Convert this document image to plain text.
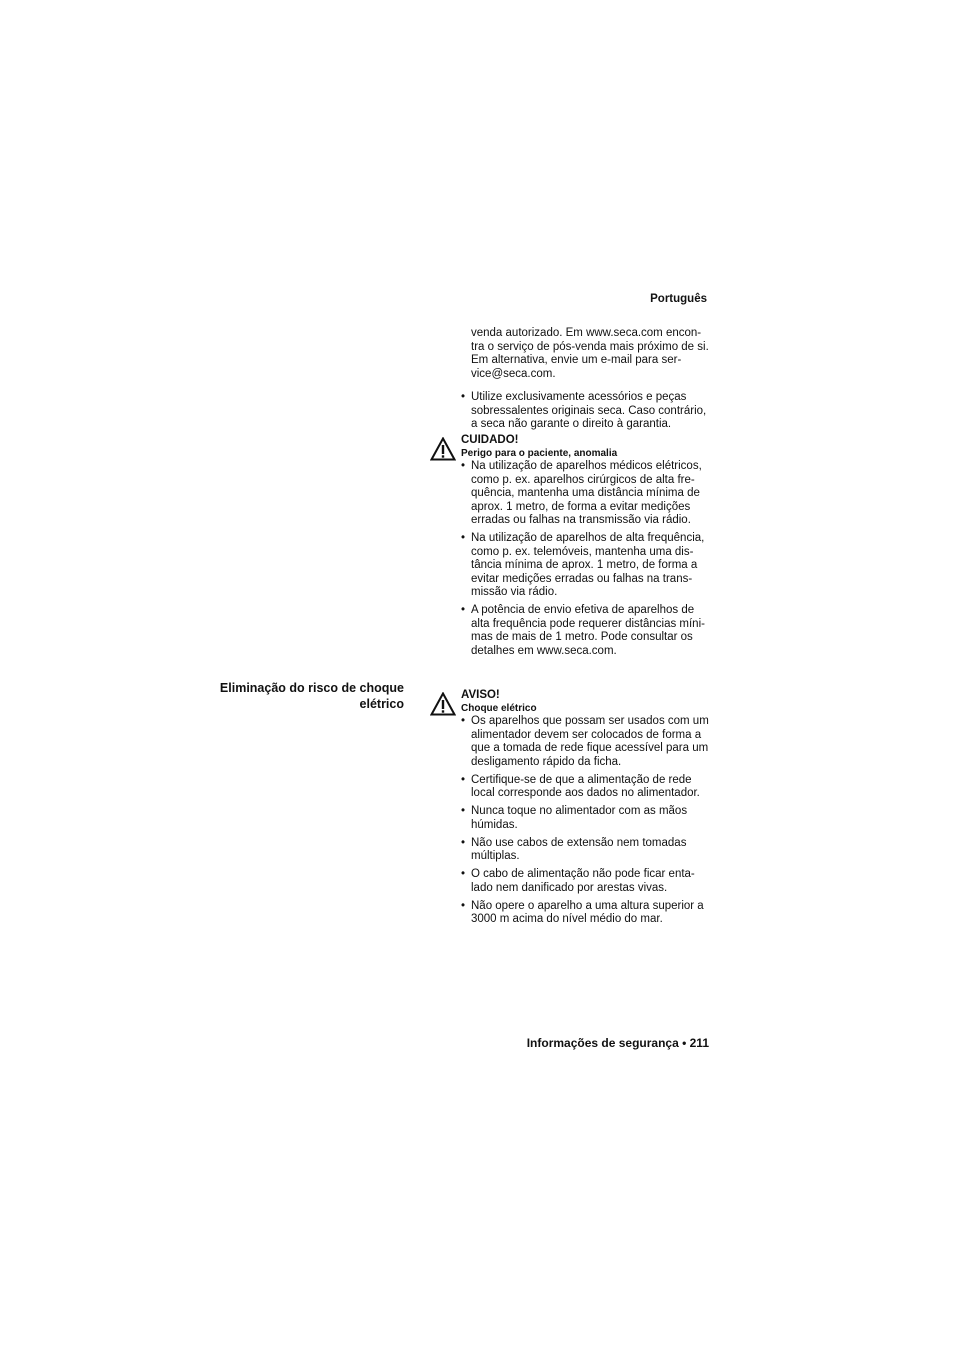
Português

venda autorizado. Em www.seca.com encon-tra o serviço de pós-venda mais próximo de si. Em alternativa, envie um e-mail para ser-vice@seca.com.

• Utilize exclusivamente acessórios e peças sobressalentes originais seca. Caso contrário, a seca não garante o direito à garantia.
CUIDADO!
Perigo para o paciente, anomalia
• Na utilização de aparelhos médicos elétricos, como p. ex. aparelhos cirúrgicos de alta fre-quência, mantenha uma distância mínima de aprox. 1 metro, de forma a evitar medições erradas ou falhas na transmissão via rádio.
• Na utilização de aparelhos de alta frequência, como p. ex. telemóveis, mantenha uma dis-tância mínima de aprox. 1 metro, de forma a evitar medições erradas ou falhas na trans-missão via rádio.
• A potência de envio efetiva de aparelhos de alta frequência pode requerer distâncias míni-mas de mais de 1 metro. Pode consultar os detalhes em www.seca.com.
Eliminação do risco de choque elétrico
AVISO!
Choque elétrico
• Os aparelhos que possam ser usados com um alimentador devem ser colocados de forma a que a tomada de rede fique acessível para um desligamento rápido da ficha.
• Certifique-se de que a alimentação de rede local corresponde aos dados no alimentador.
• Nunca toque no alimentador com as mãos húmidas.
• Não use cabos de extensão nem tomadas múltiplas.
• O cabo de alimentação não pode ficar enta-lado nem danificado por arestas vivas.
• Não opere o aparelho a uma altura superior a 3000 m acima do nível médio do mar.
Informações de segurança • 211
